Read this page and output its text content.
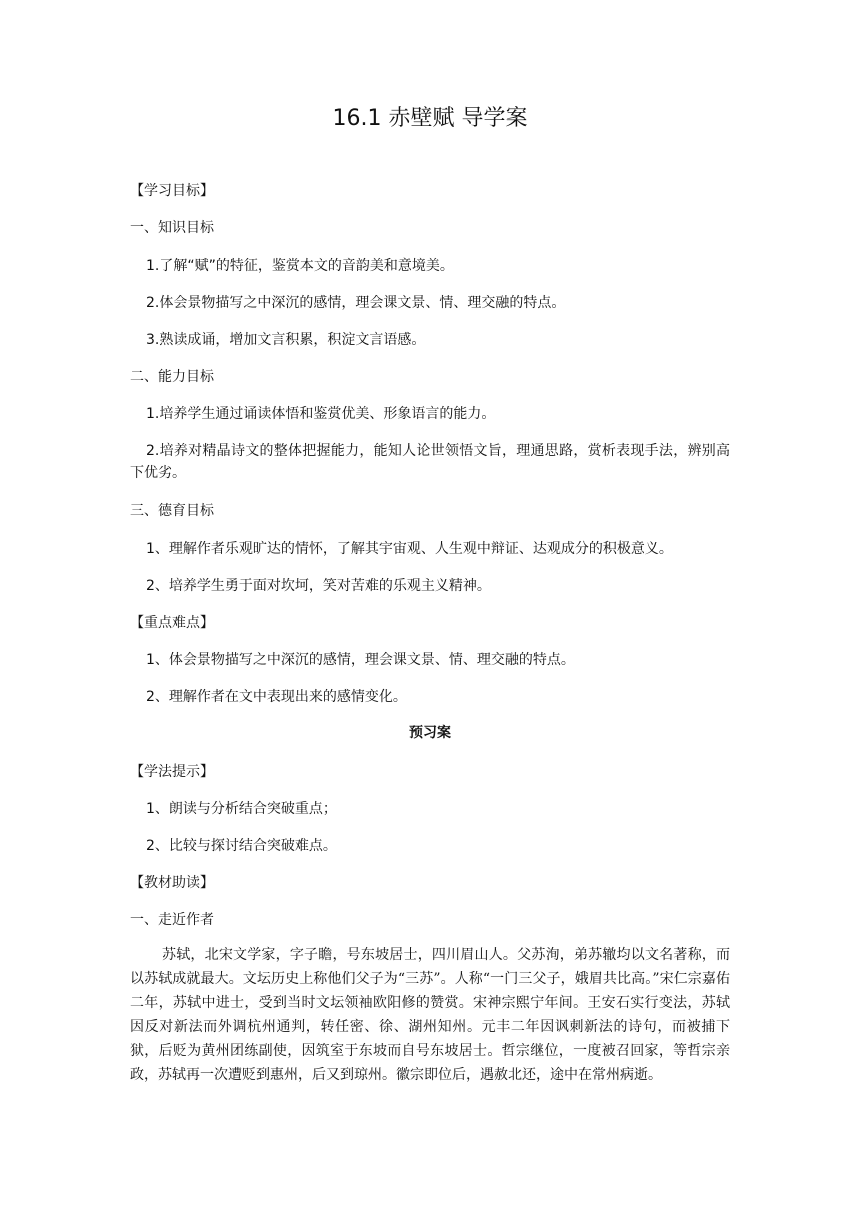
16.1 赤壁赋 导学案
【学习目标】
一、知识目标
1.了解“赋”的特征，鉴赏本文的音韵美和意境美。
2.体会景物描写之中深沉的感情，理会课文景、情、理交融的特点。
3.熟读成诵，增加文言积累，积淀文言语感。
二、能力目标
1.培养学生通过诵读体悟和鉴赏优美、形象语言的能力。
2.培养对精晶诗文的整体把握能力，能知人论世领悟文旨，理通思路，赏析表现手法，辨别高下优劣。
三、德育目标
1、理解作者乐观旷达的情怀，了解其宇宙观、人生观中辩证、达观成分的积极意义。
2、培养学生勇于面对坎坷，笑对苦难的乐观主义精神。
【重点难点】
1、体会景物描写之中深沉的感情，理会课文景、情、理交融的特点。
2、理解作者在文中表现出来的感情变化。
预习案
【学法提示】
1、朗读与分析结合突破重点；
2、比较与探讨结合突破难点。
【教材助读】
一、走近作者
苏轼，北宋文学家，字子瞻，号东坡居士，四川眉山人。父苏洵，弟苏辙均以文名著称，而以苏轼成就最大。文坛历史上称他们父子为“三苏”。人称“一门三父子，娥眉共比高。”宋仁宗嘉佑二年，苏轼中进士，受到当时文坛领袖欧阳修的赞赏。宋神宗熙宁年间。王安石实行变法，苏轼因反对新法而外调杭州通判，转任密、徐、湖州知州。元丰二年因讽刺新法的诗句，而被捕下狱，后贬为黄州团练副使，因筑室于东坡而自号东坡居士。哲宗继位，一度被召回家，等哲宗亲政，苏轼再一次遭贬到惠州，后又到琼州。徽宗即位后，遇赦北还，途中在常州病逝。
